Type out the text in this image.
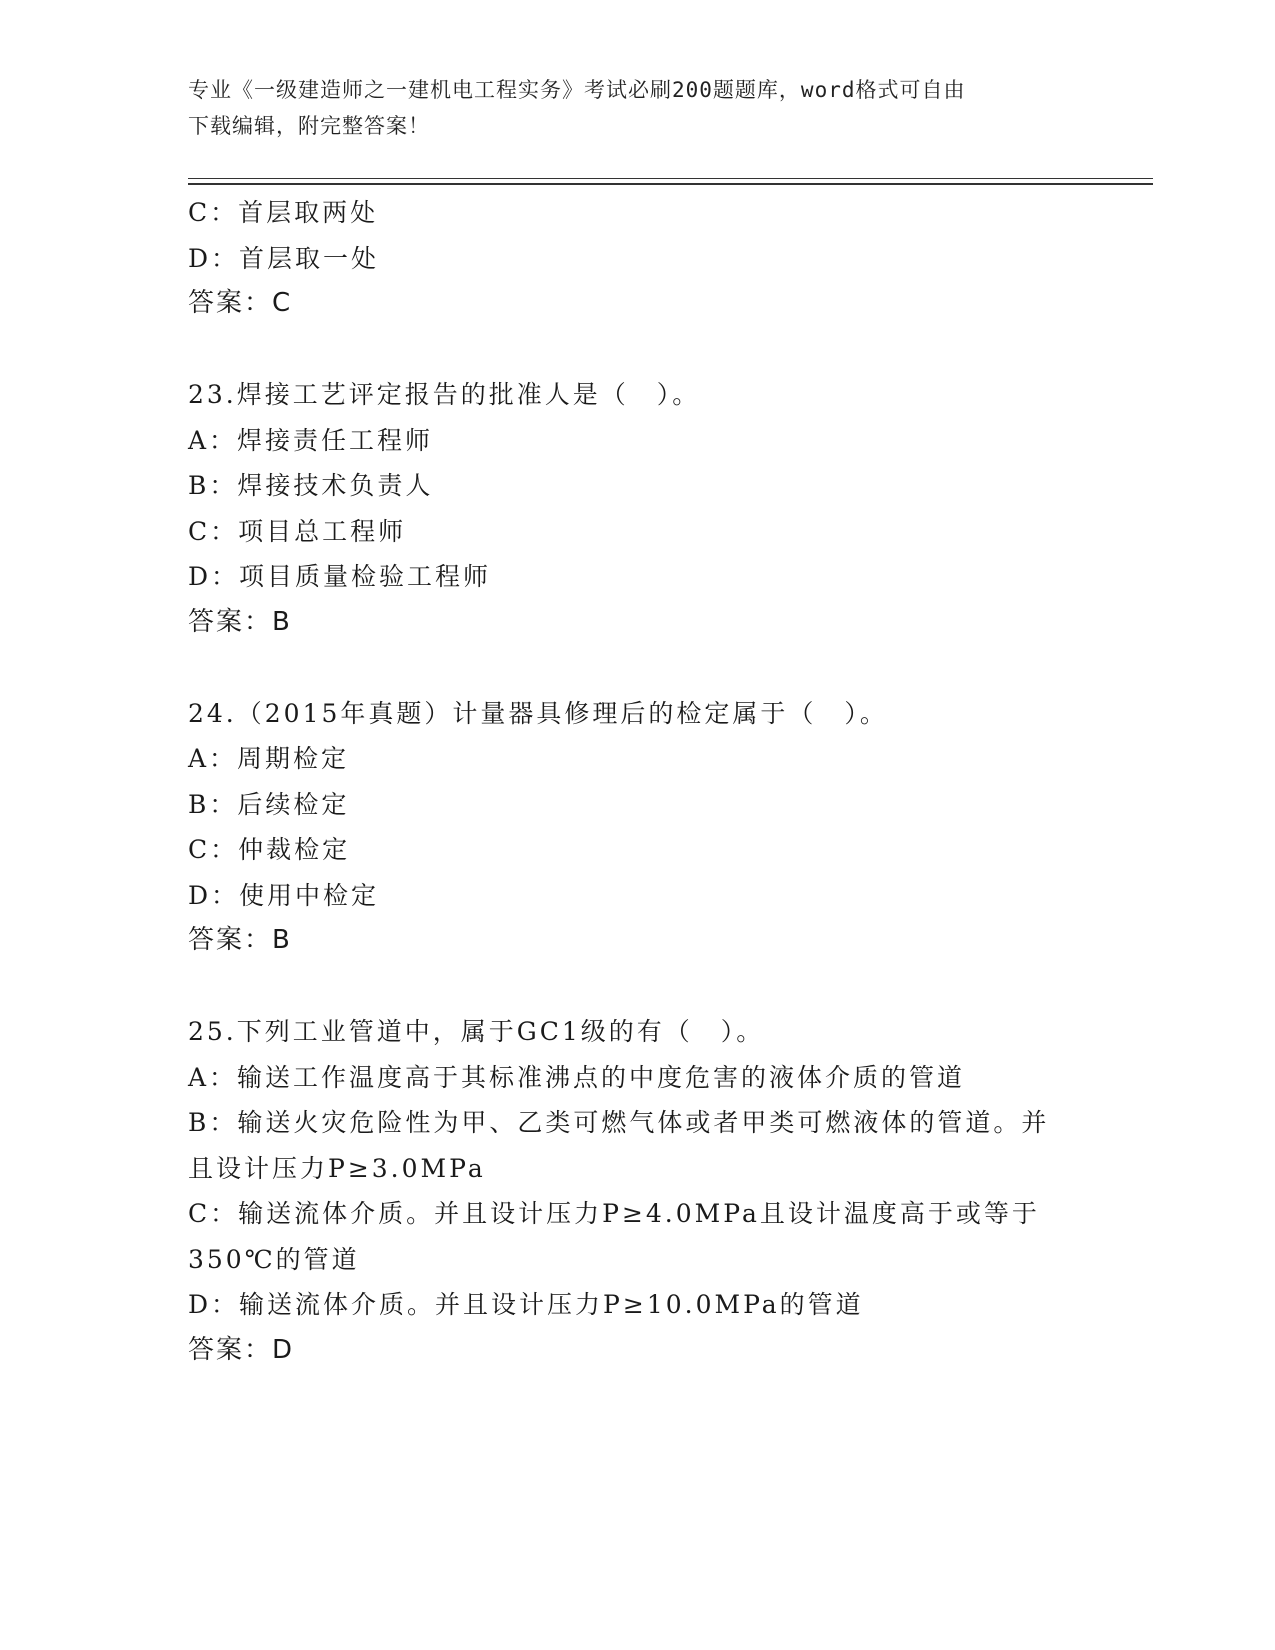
专业《一级建造师之一建机电工程实务》考试必刷200题题库，word格式可自由
下载编辑，附完整答案！
C：首层取两处
D：首层取一处
答案：C
23.焊接工艺评定报告的批准人是（　）。
A：焊接责任工程师
B：焊接技术负责人
C：项目总工程师
D：项目质量检验工程师
答案：B
24.（2015年真题）计量器具修理后的检定属于（　）。
A：周期检定
B：后续检定
C：仲裁检定
D：使用中检定
答案：B
25.下列工业管道中，属于GC1级的有（　）。
A：输送工作温度高于其标准沸点的中度危害的液体介质的管道
B：输送火灾危险性为甲、乙类可燃气体或者甲类可燃液体的管道。并
且设计压力P≥3.0MPa
C：输送流体介质。并且设计压力P≥4.0MPa且设计温度高于或等于
350℃的管道
D：输送流体介质。并且设计压力P≥10.0MPa的管道
答案：D
